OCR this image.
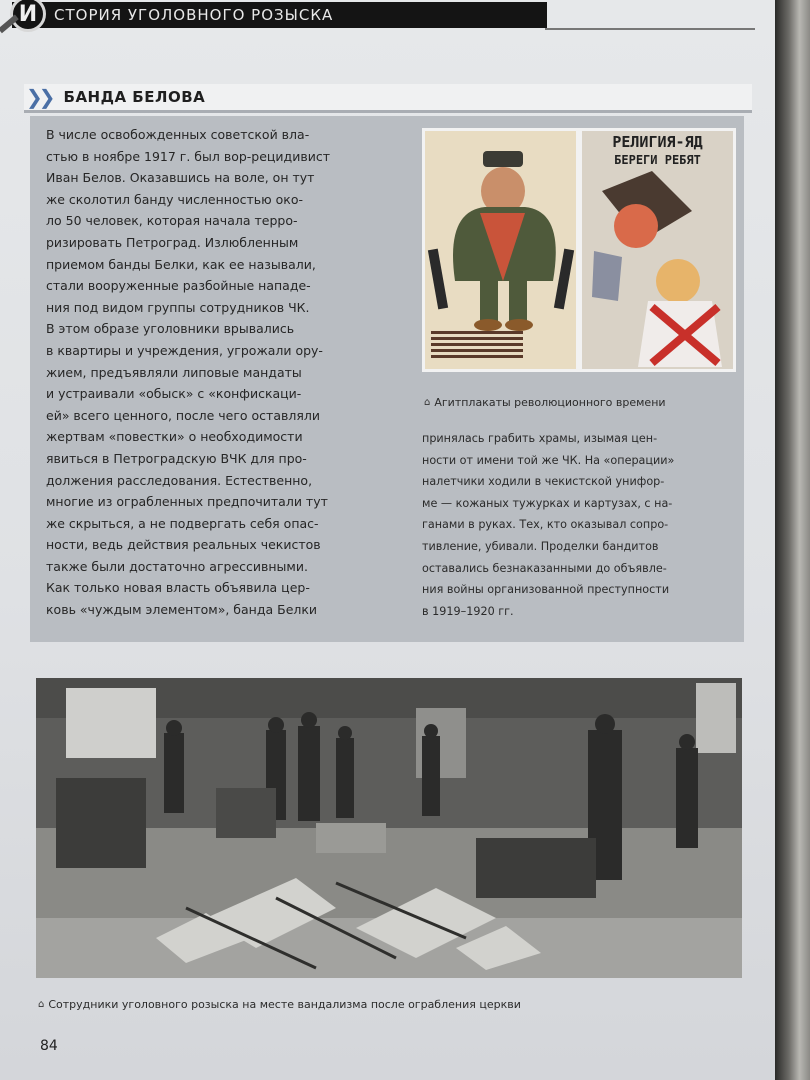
И СТОРИЯ УГОЛОВНОГО РОЗЫСКА
❯❯ БАНДА БЕЛОВА
В числе освобожденных советской вла-
стью в ноябре 1917 г. был вор-рецидивист
Иван Белов. Оказавшись на воле, он тут
же сколотил банду численностью око-
ло 50 человек, которая начала терро-
ризировать Петроград. Излюбленным
приемом банды Белки, как ее называли,
стали вооруженные разбойные нападе-
ния под видом группы сотрудников ЧК.
В этом образе уголовники врывались
в квартиры и учреждения, угрожали ору-
жием, предъявляли липовые мандаты
и устраивали «обыск» с «конфискаци-
ей» всего ценного, после чего оставляли
жертвам «повестки» о необходимости
явиться в Петроградскую ВЧК для про-
должения расследования. Естественно,
многие из ограбленных предпочитали тут
же скрыться, а не подвергать себя опас-
ности, ведь действия реальных чекистов
также были достаточно агрессивными.
Как только новая власть объявила цер-
ковь «чуждым элементом», банда Белки
РЕЛИГИЯ-ЯД
БЕРЕГИ РЕБЯТ
⌂ Агитплакаты революционного времени
принялась грабить храмы, изымая цен-
ности от имени той же ЧК. На «операции»
налетчики ходили в чекистской унифор-
ме — кожаных тужурках и картузах, с на-
ганами в руках. Тех, кто оказывал сопро-
тивление, убивали. Проделки бандитов
оставались безнаказанными до объявле-
ния войны организованной преступности
в 1919–1920 гг.
⌂ Сотрудники уголовного розыска на месте вандализма после ограбления церкви
84
